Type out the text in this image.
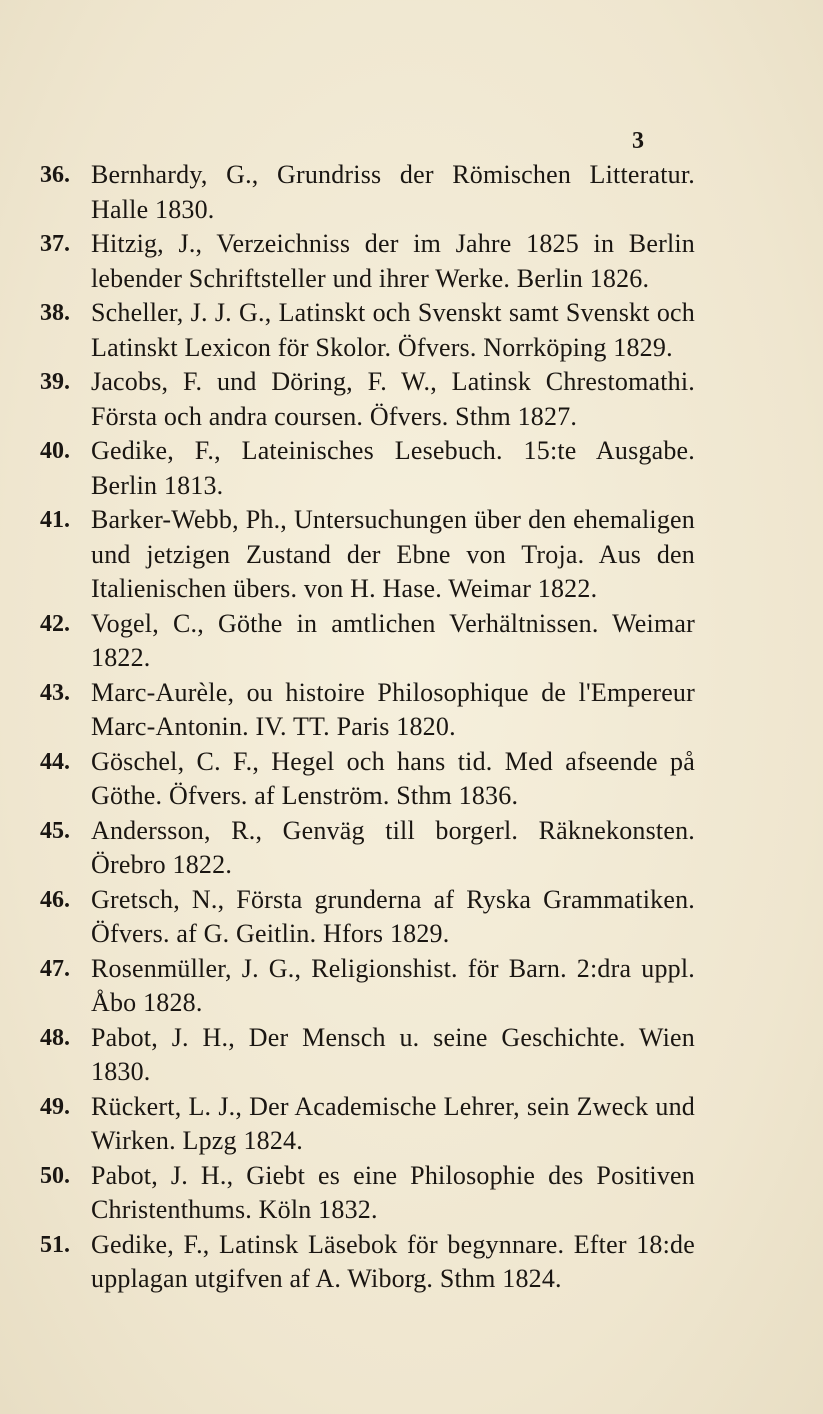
3
36. Bernhardy, G., Grundriss der Römischen Litteratur. Halle 1830.
37. Hitzig, J., Verzeichniss der im Jahre 1825 in Berlin lebender Schriftsteller und ihrer Werke. Berlin 1826.
38. Scheller, J. J. G., Latinskt och Svenskt samt Svenskt och Latinskt Lexicon för Skolor. Öfvers. Norrköping 1829.
39. Jacobs, F. und Döring, F. W., Latinsk Chrestomathi. Första och andra coursen. Öfvers. Sthm 1827.
40. Gedike, F., Lateinisches Lesebuch. 15:te Ausgabe. Berlin 1813.
41. Barker-Webb, Ph., Untersuchungen über den ehemaligen und jetzigen Zustand der Ebne von Troja. Aus den Italienischen übers. von H. Hase. Weimar 1822.
42. Vogel, C., Göthe in amtlichen Verhältnissen. Weimar 1822.
43. Marc-Aurèle, ou histoire Philosophique de l'Empereur Marc-Antonin. IV. TT. Paris 1820.
44. Göschel, C. F., Hegel och hans tid. Med afseende på Göthe. Öfvers. af Lenström. Sthm 1836.
45. Andersson, R., Genväg till borgerl. Räknekonsten. Örebro 1822.
46. Gretsch, N., Första grunderna af Ryska Grammatiken. Öfvers. af G. Geitlin. Hfors 1829.
47. Rosenmüller, J. G., Religionshist. för Barn. 2:dra uppl. Åbo 1828.
48. Pabot, J. H., Der Mensch u. seine Geschichte. Wien 1830.
49. Rückert, L. J., Der Academische Lehrer, sein Zweck und Wirken. Lpzg 1824.
50. Pabot, J. H., Giebt es eine Philosophie des Positiven Christenthums. Köln 1832.
51. Gedike, F., Latinsk Läsebok för begynnare. Efter 18:de upplagan utgifven af A. Wiborg. Sthm 1824.
